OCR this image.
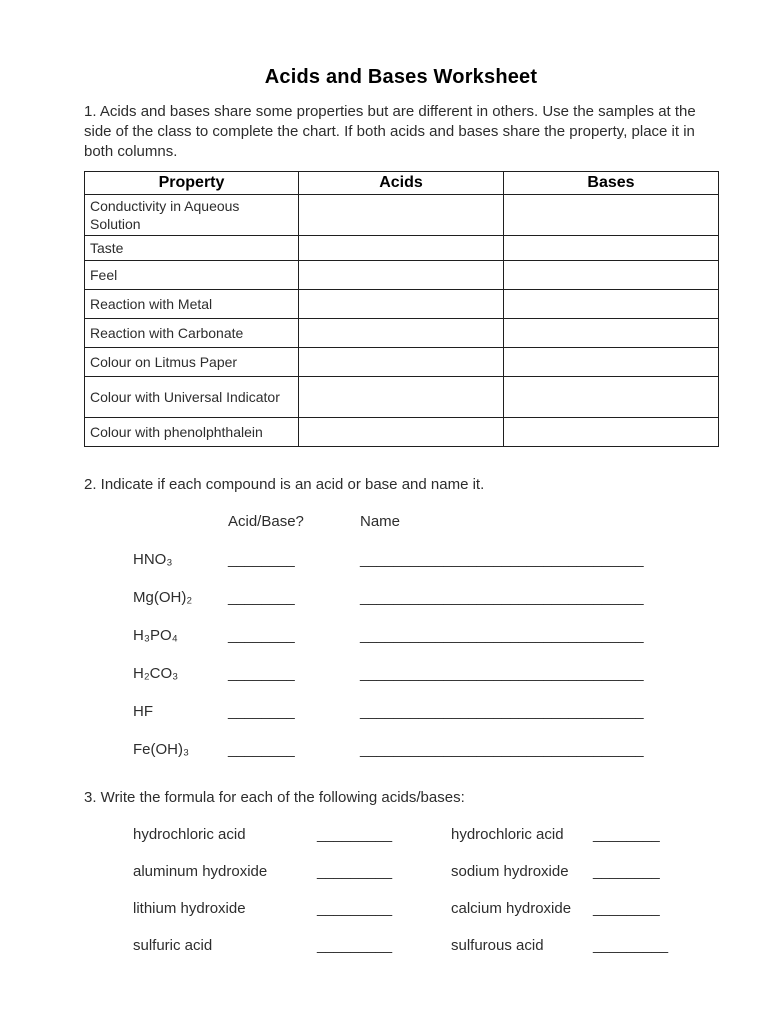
Acids and Bases Worksheet

1. Acids and bases share some properties but are different in others. Use the samples at the side of the class to complete the chart. If both acids and bases share the property, place it in both columns.

Property	Acids	Bases
Conductivity in Aqueous Solution		
Taste		
Feel		
Reaction with Metal		
Reaction with Carbonate		
Colour on Litmus Paper		
Colour with Universal Indicator		
Colour with phenolphthalein		

2. Indicate if each compound is an acid or base and name it.

Acid/Base?	Name
HNO₃	________	__________________________________
Mg(OH)₂	________	__________________________________
H₃PO₄	________	__________________________________
H₂CO₃	________	__________________________________
HF	________	__________________________________
Fe(OH)₃	________	__________________________________

3. Write the formula for each of the following acids/bases:

hydrochloric acid	_________	hydrochloric acid	________
aluminum hydroxide	_________	sodium hydroxide	________
lithium hydroxide	_________	calcium hydroxide	________
sulfuric acid	_________	sulfurous acid	_________
